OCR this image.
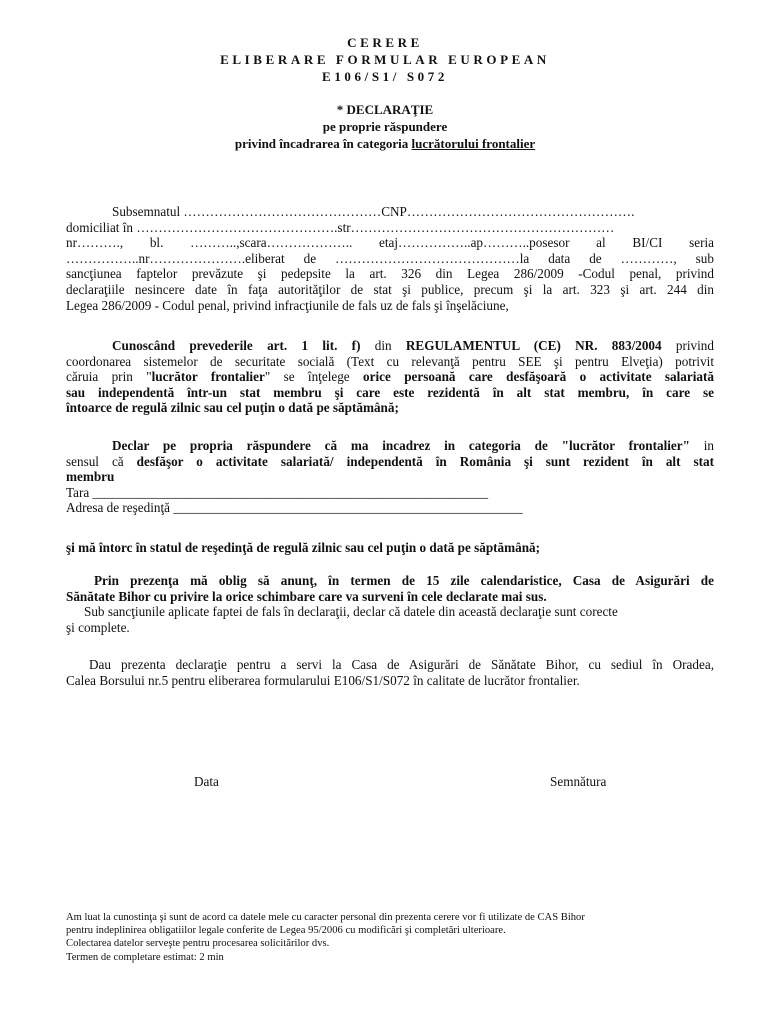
CERERE
ELIBERARE FORMULAR EUROPEAN
E106/S1/ S072
* DECLARAŢIE
pe proprie răspundere
privind încadrarea în categoria lucrătorului frontalier
Subsemnatul ………………………………………CNP…………………………………………….
domiciliat în ……………………………………….str……………………………………………………
nr………., bl. ………..,scara……………….. etaj……………..ap………..posesor al BI/CI seria
……………..nr………………….eliberat de ……………………………………la data de …………, sub
sancţiunea faptelor prevăzute şi pedepsite la art. 326 din Legea 286/2009 -Codul penal, privind
declaraţiile nesincere date în faţa autorităţilor de stat şi publice, precum şi la art. 323 şi art. 244 din
Legea 286/2009 - Codul penal, privind infracţiunile de fals uz de fals şi înşelăciune,
Cunoscând prevederile art. 1 lit. f) din REGULAMENTUL (CE) NR. 883/2004 privind
coordonarea sistemelor de securitate socială (Text cu relevanţă pentru SEE şi pentru Elveţia) potrivit
căruia prin "lucrător frontalier" se înţelege orice persoană care desfăşoară o activitate salariată
sau independentă într-un stat membru şi care este rezidentă în alt stat membru, în care se
întoarce de regulă zilnic sau cel puţin o dată pe săptămână;
Declar pe propria răspundere că ma incadrez in categoria de "lucrător frontalier" in
sensul că desfăşor o activitate salariată/ independentă în România şi sunt rezident în alt stat
membru
Tara ____________________________________________________________
Adresa de reşedinţă _____________________________________________________
şi mă întorc în statul de reşedinţă de regulă zilnic sau cel puţin o dată pe săptămână;
Prin prezenţa mă oblig să anunţ, în termen de 15 zile calendaristice, Casa de Asigurări de
Sănătate Bihor cu privire la orice schimbare care va surveni în cele declarate mai sus.
Sub sancţiunile aplicate faptei de fals în declaraţii, declar că datele din această declaraţie sunt corecte
şi complete.
Dau prezenta declaraţie pentru a servi la Casa de Asigurări de Sănătate Bihor, cu sediul în Oradea,
Calea Borsului nr.5 pentru eliberarea formularului E106/S1/S072 în calitate de lucrător frontalier.
Data	Semnătura
Am luat la cunostinţa şi sunt de acord ca datele mele cu caracter personal din prezenta cerere vor fi utilizate de CAS Bihor
pentru indeplinirea obligatiilor legale conferite de Legea 95/2006 cu modificări şi completări ulterioare.
Colectarea datelor serveşte pentru procesarea solicitărilor dvs.
Termen de completare estimat: 2 min
